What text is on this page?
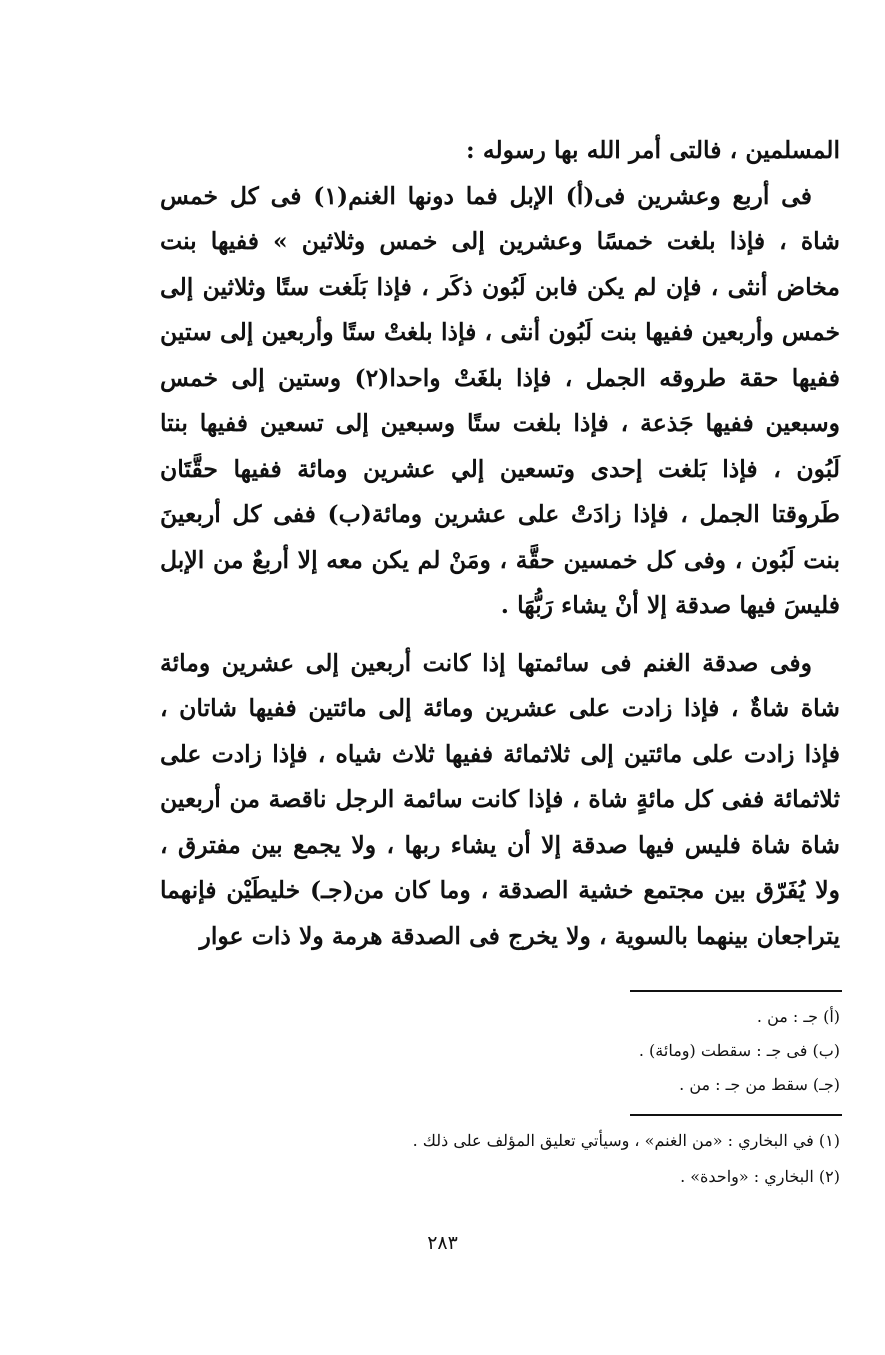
المسلمين ، فالتى أمر الله بها رسوله :

فى أربع وعشرين فى(أ) الإبل فما دونها الغنم(١) فى كل خمس شاة ، فإذا بلغت خمسًا وعشرين إلى خمس وثلاثين » ففيها بنت مخاض أنثى ، فإن لم يكن فابن لَبُون ذكَر ، فإذا بَلَغت ستًا وثلاثين إلى خمس وأربعين ففيها بنت لَبُون أنثى ، فإذا بلغتْ ستًا وأربعين إلى ستين ففيها حقة طروقه الجمل ، فإذا بلغَتْ واحدا(٢) وستين إلى خمس وسبعين ففيها جَذعة ، فإذا بلغت ستًا وسبعين إلى تسعين ففيها بنتا لَبُون ، فإذا بَلغت إحدى وتسعين إلي عشرين ومائة ففيها حقَّتَان طَروقتا الجمل ، فإذا زادَتْ على عشرين ومائة(ب) ففى كل أربعينَ بنت لَبُون ، وفى كل خمسين حقَّة ، ومَنْ لم يكن معه إلا أربعٌ من الإبل فليسَ فيها صدقة إلا أنْ يشاء رَبُّهَا .

وفى صدقة الغنم فى سائمتها إذا كانت أربعين إلى عشرين ومائة شاة شاةٌ ، فإذا زادت على عشرين ومائة إلى مائتين ففيها شاتان ، فإذا زادت على مائتين إلى ثلاثمائة ففيها ثلاث شياه ، فإذا زادت على ثلاثمائة ففى كل مائةٍ شاة ، فإذا كانت سائمة الرجل ناقصة من أربعين شاة شاة فليس فيها صدقة إلا أن يشاء ربها ، ولا يجمع بين مفترق ، ولا يُفَرّق بين مجتمع خشية الصدقة ، وما كان من(جـ) خليطَيْن فإنهما يتراجعان بينهما بالسوية ، ولا يخرج فى الصدقة هرمة ولا ذات عوار

(أ) جـ : من .

(ب) فى جـ : سقطت (ومائة) .

(جـ) سقط من جـ : من .

(١) في البخاري : «من الغنم» ، وسيأتي تعليق المؤلف على ذلك .

(٢) البخاري : «واحدة» .

٢٨٣
